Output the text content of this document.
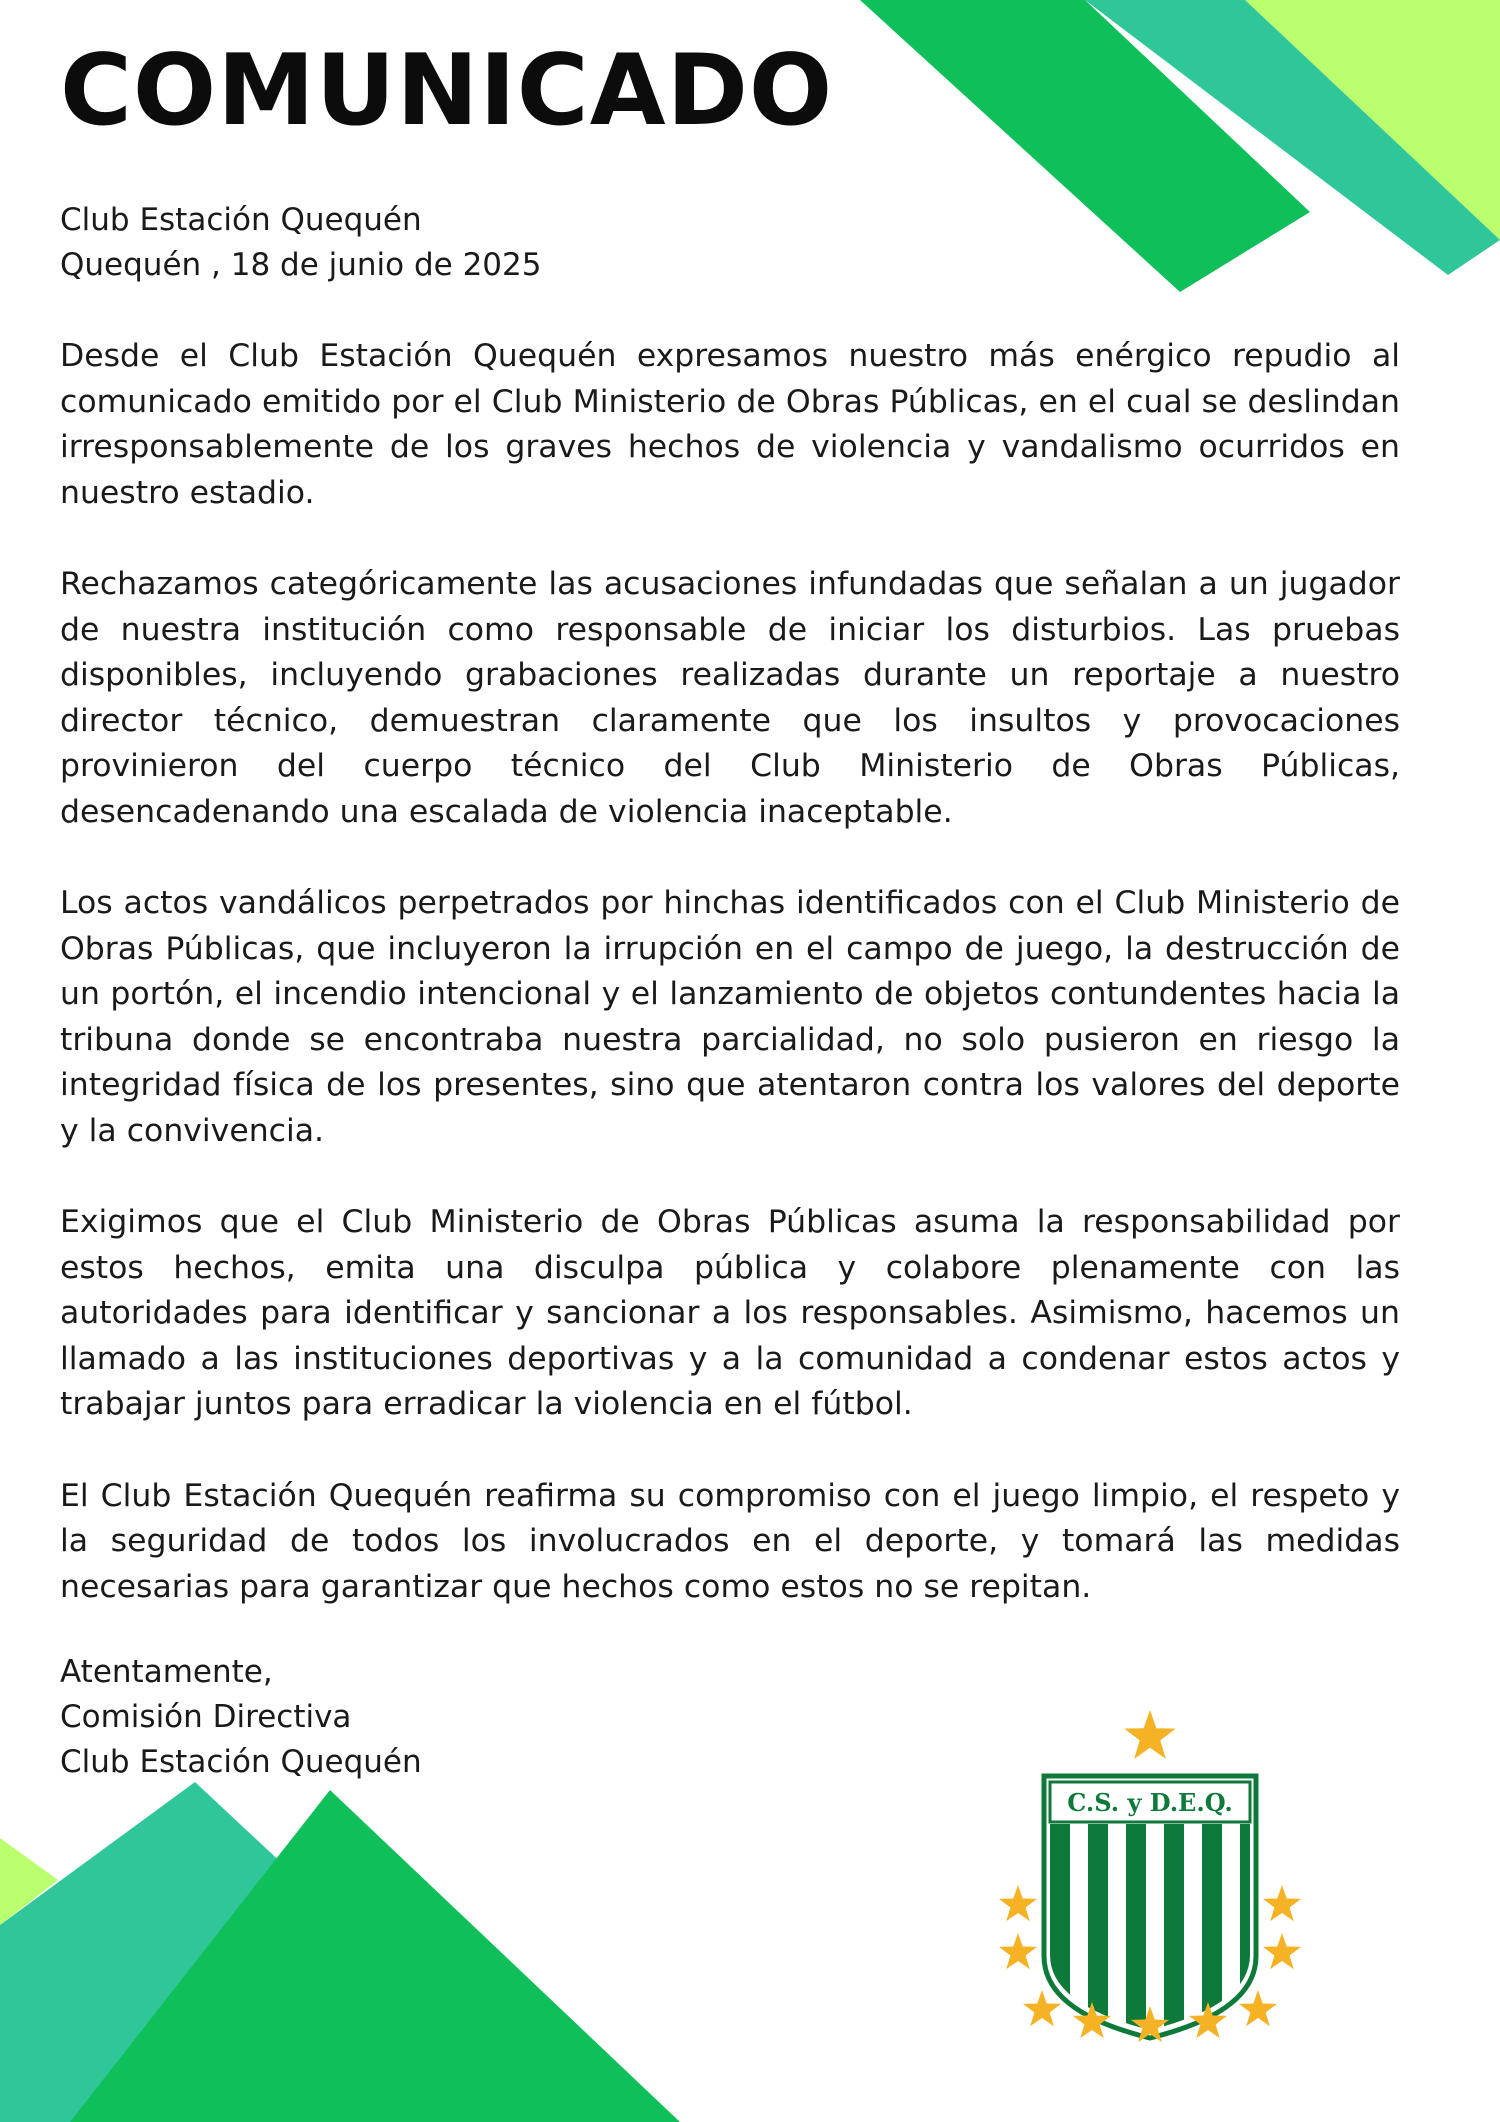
COMUNICADO
Club Estación Quequén
Quequén , 18 de junio de 2025

Desde el Club Estación Quequén expresamos nuestro más enérgico repudio al comunicado emitido por el Club Ministerio de Obras Públicas, en el cual se deslindan irresponsablemente de los graves hechos de violencia y vandalismo ocurridos en nuestro estadio.

Rechazamos categóricamente las acusaciones infundadas que señalan a un jugador de nuestra institución como responsable de iniciar los disturbios. Las pruebas disponibles, incluyendo grabaciones realizadas durante un reportaje a nuestro director técnico, demuestran claramente que los insultos y provocaciones provinieron del cuerpo técnico del Club Ministerio de Obras Públicas, desencadenando una escalada de violencia inaceptable.

Los actos vandálicos perpetrados por hinchas identificados con el Club Ministerio de Obras Públicas, que incluyeron la irrupción en el campo de juego, la destrucción de un portón, el incendio intencional y el lanzamiento de objetos contundentes hacia la tribuna donde se encontraba nuestra parcialidad, no solo pusieron en riesgo la integridad física de los presentes, sino que atentaron contra los valores del deporte y la convivencia.

Exigimos que el Club Ministerio de Obras Públicas asuma la responsabilidad por estos hechos, emita una disculpa pública y colabore plenamente con las autoridades para identificar y sancionar a los responsables. Asimismo, hacemos un llamado a las instituciones deportivas y a la comunidad a condenar estos actos y trabajar juntos para erradicar la violencia en el fútbol.

El Club Estación Quequén reafirma su compromiso con el juego limpio, el respeto y la seguridad de todos los involucrados en el deporte, y tomará las medidas necesarias para garantizar que hechos como estos no se repitan.

Atentamente,
Comisión Directiva
Club Estación Quequén
C.S. y D.E.Q.
